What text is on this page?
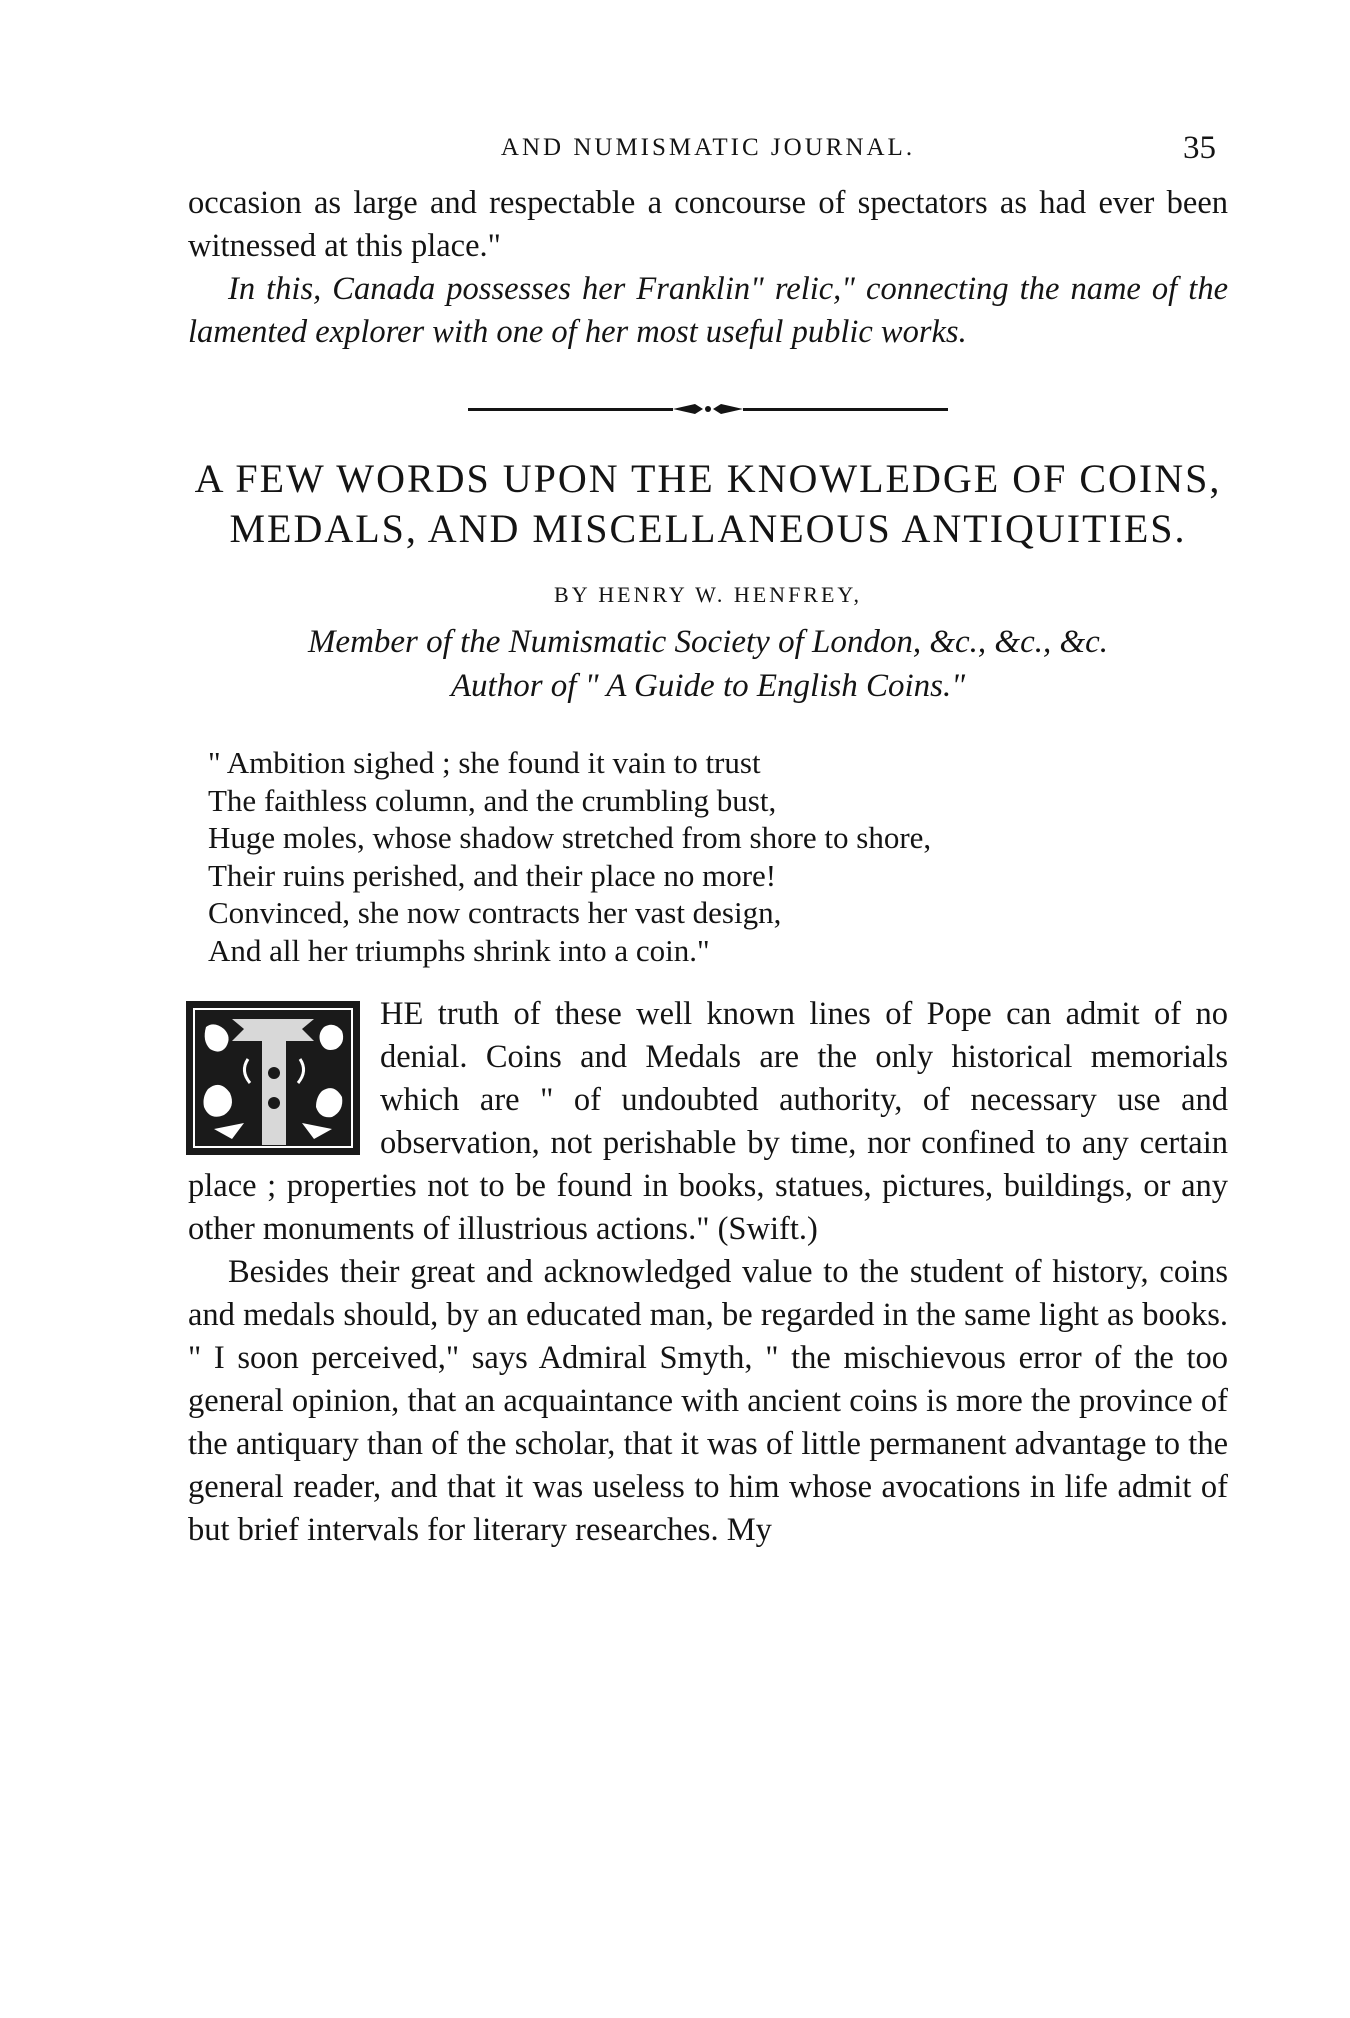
AND NUMISMATIC JOURNAL.	35

occasion as large and respectable a concourse of spectators as had ever been witnessed at this place."

In this, Canada possesses her Franklin" relic," connecting the name of the lamented explorer with one of her most useful public works.

A FEW WORDS UPON THE KNOWLEDGE OF COINS, MEDALS, AND MISCELLANEOUS ANTIQUITIES.
BY HENRY W. HENFREY,
Member of the Numismatic Society of London, &c., &c., &c.
Author of " A Guide to English Coins."
" Ambition sighed ; she found it vain to trust
The faithless column, and the crumbling bust,
Huge moles, whose shadow stretched from shore to shore,
Their ruins perished, and their place no more!
Convinced, she now contracts her vast design,
And all her triumphs shrink into a coin."

HE truth of these well known lines of Pope can admit of no denial. Coins and Medals are the only historical memorials which are " of undoubted authority, of necessary use and observation, not perishable by time, nor confined to any certain place ; properties not to be found in books, statues, pictures, buildings, or any other monuments of illustrious actions." (Swift.)

Besides their great and acknowledged value to the student of history, coins and medals should, by an educated man, be regarded in the same light as books. " I soon perceived," says Admiral Smyth, " the mischievous error of the too general opinion, that an acquaintance with ancient coins is more the province of the antiquary than of the scholar, that it was of little permanent advantage to the general reader, and that it was useless to him whose avocations in life admit of but brief intervals for literary researches. My
